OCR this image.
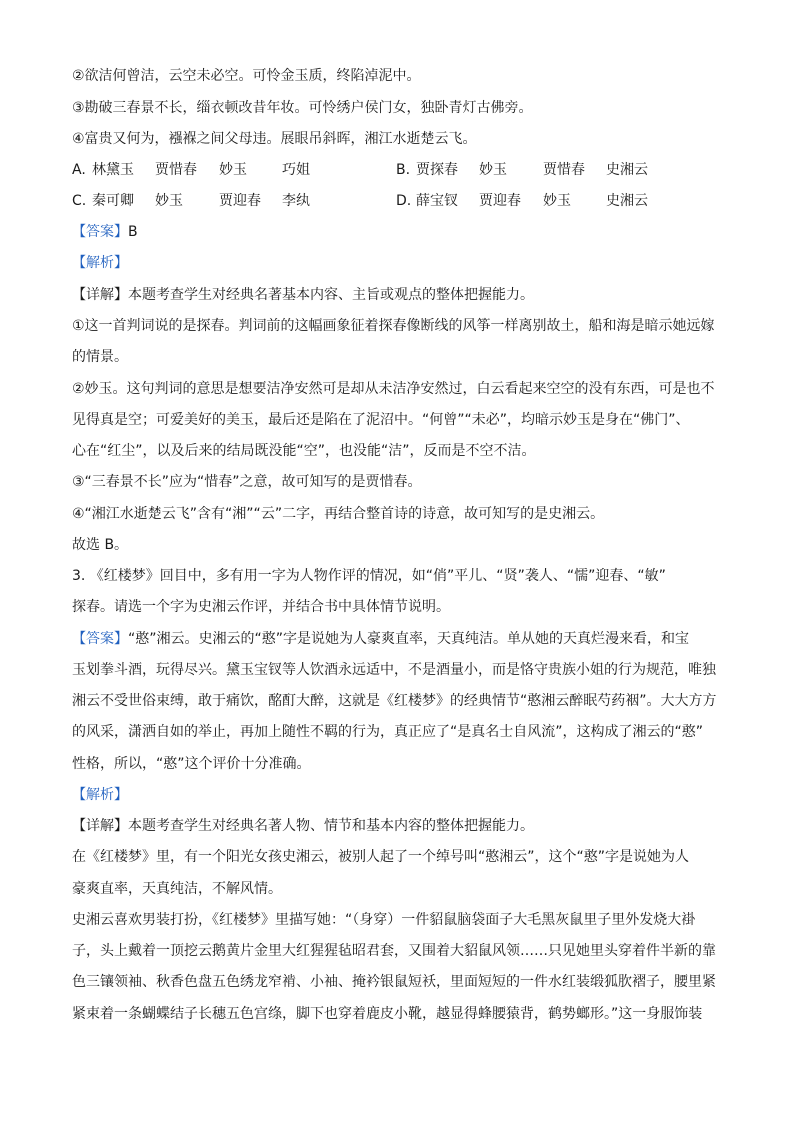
②欲洁何曾洁，云空未必空。可怜金玉质，终陷淖泥中。
③勘破三春景不长，缁衣顿改昔年妆。可怜绣户侯门女，独卧青灯古佛旁。
④富贵又何为，襁褓之间父母违。展眼吊斜晖，湘江水逝楚云飞。
A. 林黛玉 贾惜春 妙玉	巧姐	B. 贾探春 妙玉	贾惜春 史湘云
C. 秦可卿 妙玉	贾迎春 李纨	D. 薛宝钗 贾迎春 妙玉	史湘云
【答案】B
【解析】
【详解】本题考查学生对经典名著基本内容、主旨或观点的整体把握能力。
①这一首判词说的是探春。判词前的这幅画象征着探春像断线的风筝一样离别故土，船和海是暗示她远嫁
的情景。
②妙玉。这句判词的意思是想要洁净安然可是却从未洁净安然过，白云看起来空空的没有东西，可是也不
见得真是空；可爱美好的美玉，最后还是陷在了泥沼中。“何曾”“未必”，均暗示妙玉是身在“佛门”、
心在“红尘”，以及后来的结局既没能“空”，也没能“洁”，反而是不空不洁。
③“三春景不长”应为“惜春”之意，故可知写的是贾惜春。
④“湘江水逝楚云飞”含有“湘”“云”二字，再结合整首诗的诗意，故可知写的是史湘云。
故选 B。
3. 《红楼梦》回目中，多有用一字为人物作评的情况，如“俏”平儿、“贤”袭人、“懦”迎春、“敏”
探春。请选一个字为史湘云作评，并结合书中具体情节说明。
【答案】“憨”湘云。史湘云的“憨”字是说她为人豪爽直率，天真纯洁。单从她的天真烂漫来看，和宝
玉划拳斗酒，玩得尽兴。黛玉宝钗等人饮酒永远适中，不是酒量小，而是恪守贵族小姐的行为规范，唯独
湘云不受世俗束缚，敢于痛饮，酩酊大醉，这就是《红楼梦》的经典情节“憨湘云醉眠芍药裀”。大大方方
的风采，潇洒自如的举止，再加上随性不羁的行为，真正应了“是真名士自风流”，这构成了湘云的“憨”
性格，所以，“憨”这个评价十分准确。
【解析】
【详解】本题考查学生对经典名著人物、情节和基本内容的整体把握能力。
在《红楼梦》里，有一个阳光女孩史湘云，被别人起了一个绰号叫“憨湘云”，这个“憨”字是说她为人
豪爽直率，天真纯洁，不解风情。
史湘云喜欢男装打扮，《红楼梦》里描写她：“（身穿）一件貂鼠脑袋面子大毛黑灰鼠里子里外发烧大褂
子，头上戴着一顶挖云鹅黄片金里大红猩猩毡昭君套，又围着大貂鼠风领……只见她里头穿着件半新的靠
色三镶领袖、秋香色盘五色绣龙窄褃、小袖、掩衿银鼠短袄，里面短短的一件水红装缎狐肷褶子，腰里紧
紧束着一条蝴蝶结子长穗五色宫绦，脚下也穿着鹿皮小靴，越显得蜂腰猿背，鹤势螂形。”这一身服饰装
